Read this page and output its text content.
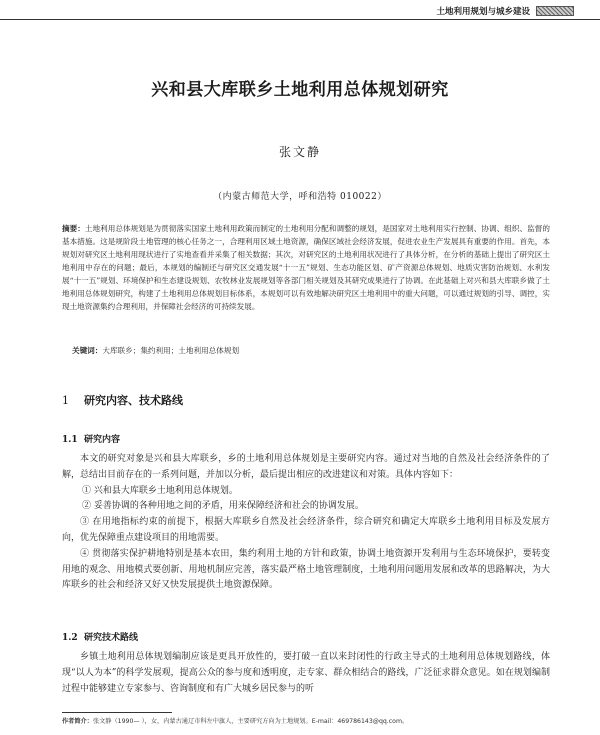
土地利用规划与城乡建设
兴和县大库联乡土地利用总体规划研究
张文静
（内蒙古师范大学，呼和浩特 010022）
摘要：土地利用总体规划是为贯彻落实国家土地利用政策而制定的土地利用分配和调整的规划，是国家对土地利用实行控制、协调、组织、监督的基本措施。这是规阶段土地管理的核心任务之一，合理利用区域土地资源，确保区域社会经济发展，促进农业生产发展具有重要的作用。首先，本规划对研究区土地利用现状进行了实地查看并采集了相关数据；其次，对研究区的土地利用状况进行了具体分析，在分析的基础上提出了研究区土地利用中存在的问题；最后，本规划的编制还与研究区交通发展“十一五”规划、生态功能区划、矿产资源总体规划、地质灾害防治规划、水利发展“十一五”规划、环境保护和生态建设规划、农牧林业发展规划等各部门相关规划及其研究成果进行了协调。在此基础上对兴和县大库联乡做了土地利用总体规划研究，构建了土地利用总体规划目标体系，本规划可以有效地解决研究区土地利用中的重大问题，可以通过规划的引导、调控，实现土地资源集约合理利用，并保障社会经济的可持续发展。
关键词：大库联乡；集约利用；土地利用总体规划
1 研究内容、技术路线
1.1 研究内容

本文的研究对象是兴和县大库联乡，乡的土地利用总体规划是主要研究内容。通过对当地的自然及社会经济条件的了解，总结出目前存在的一系列问题，并加以分析，最后提出相应的改进建议和对策。具体内容如下：

① 兴和县大库联乡土地利用总体规划。

② 妥善协调的各种用地之间的矛盾，用来保障经济和社会的协调发展。

③ 在用地指标约束的前提下，根据大库联乡自然及社会经济条件，综合研究和确定大库联乡土地利用目标及发展方向，优先保障重点建设项目的用地需要。

④ 贯彻落实保护耕地特别是基本农田，集约利用土地的方针和政策，协调土地资源开发利用与生态环境保护，要转变用地的观念、用地模式要创新、用地机制应完善，落实最严格土地管理制度，土地利用问题用发展和改革的思路解决，为大库联乡的社会和经济又好又快发展提供土地资源保障。

1.2 研究技术路线

乡镇土地利用总体规划编制应该是更具开放性的，要打破一直以来封闭性的行政主导式的土地利用总体规划路线，体现“以人为本”的科学发展观，提高公众的参与度和透明度，走专家、群众相结合的路线，广泛征求群众意见。如在规划编制过程中能够建立专家参与、咨询制度和有广大城乡居民参与的听

作者简介：张文静（1990— ），女，内蒙古通辽市科左中旗人，主要研究方向为土地规划。E-mail：469786143@qq.com。
